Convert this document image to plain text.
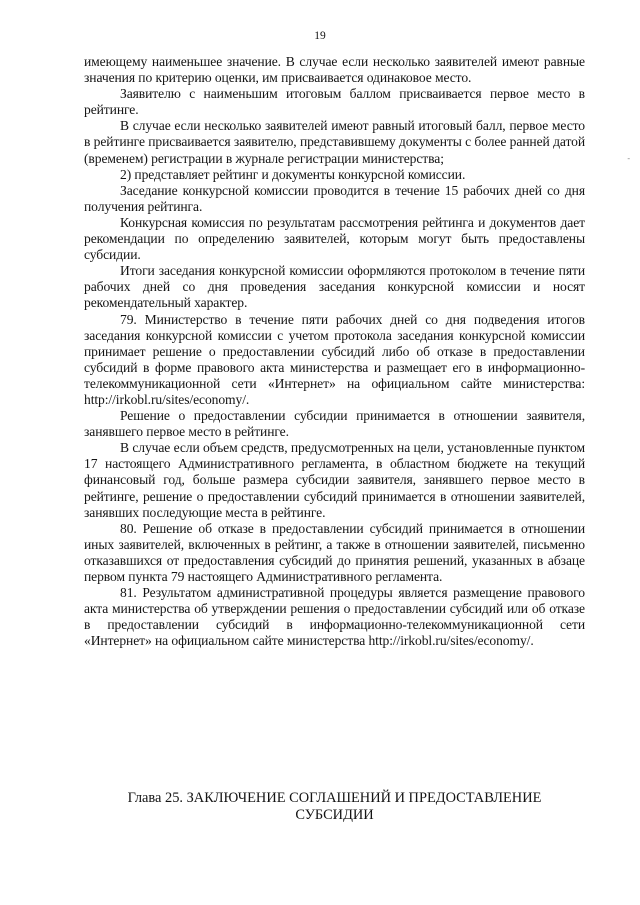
19

имеющему наименьшее значение. В случае если несколько заявителей имеют равные значения по критерию оценки, им присваивается одинаковое место.

Заявителю с наименьшим итоговым баллом присваивается первое место в рейтинге.

В случае если несколько заявителей имеют равный итоговый балл, первое место в рейтинге присваивается заявителю, представившему документы с более ранней датой (временем) регистрации в журнале регистрации министерства;

2) представляет рейтинг и документы конкурсной комиссии.

Заседание конкурсной комиссии проводится в течение 15 рабочих дней со дня получения рейтинга.

Конкурсная комиссия по результатам рассмотрения рейтинга и документов дает рекомендации по определению заявителей, которым могут быть предоставлены субсидии.

Итоги заседания конкурсной комиссии оформляются протоколом в течение пяти рабочих дней со дня проведения заседания конкурсной комиссии и носят рекомендательный характер.

79. Министерство в течение пяти рабочих дней со дня подведения итогов заседания конкурсной комиссии с учетом протокола заседания конкурсной комиссии принимает решение о предоставлении субсидий либо об отказе в предоставлении субсидий в форме правового акта министерства и размещает его в информационно-телекоммуникационной сети «Интернет» на официальном сайте министерства: http://irkobl.ru/sites/economy/.

Решение о предоставлении субсидии принимается в отношении заявителя, занявшего первое место в рейтинге.

В случае если объем средств, предусмотренных на цели, установленные пунктом 17 настоящего Административного регламента, в областном бюджете на текущий финансовый год, больше размера субсидии заявителя, занявшего первое место в рейтинге, решение о предоставлении субсидий принимается в отношении заявителей, занявших последующие места в рейтинге.

80. Решение об отказе в предоставлении субсидий принимается в отношении иных заявителей, включенных в рейтинг, а также в отношении заявителей, письменно отказавшихся от предоставления субсидий до принятия решений, указанных в абзаце первом пункта 79 настоящего Административного регламента.

81. Результатом административной процедуры является размещение правового акта министерства об утверждении решения о предоставлении субсидий или об отказе в предоставлении субсидий в информационно-телекоммуникационной сети «Интернет» на официальном сайте министерства http://irkobl.ru/sites/economy/.

Глава 25. ЗАКЛЮЧЕНИЕ СОГЛАШЕНИЙ И ПРЕДОСТАВЛЕНИЕ
СУБСИДИИ
-
